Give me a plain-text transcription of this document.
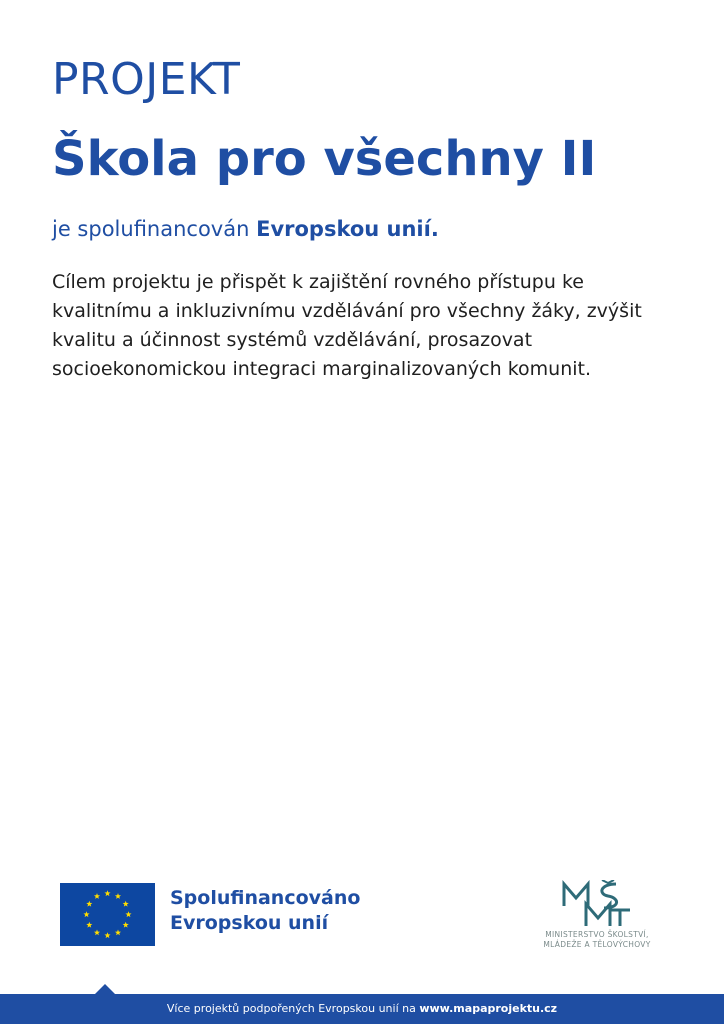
PROJEKT
Škola pro všechny II
je spolufinancován Evropskou unií.
Cílem projektu je přispět k zajištění rovného přístupu ke
kvalitnímu a inkluzivnímu vzdělávání pro všechny žáky, zvýšit
kvalitu a účinnost systémů vzdělávání, prosazovat
socioekonomickou integraci marginalizovaných komunit.
Spolufinancováno
Evropskou unií
MINISTERSTVO ŠKOLSTVÍ,
MLÁDEŽE A TĚLOVÝCHOVY
Více projektů podpořených Evropskou unií na www.mapaprojektu.cz
